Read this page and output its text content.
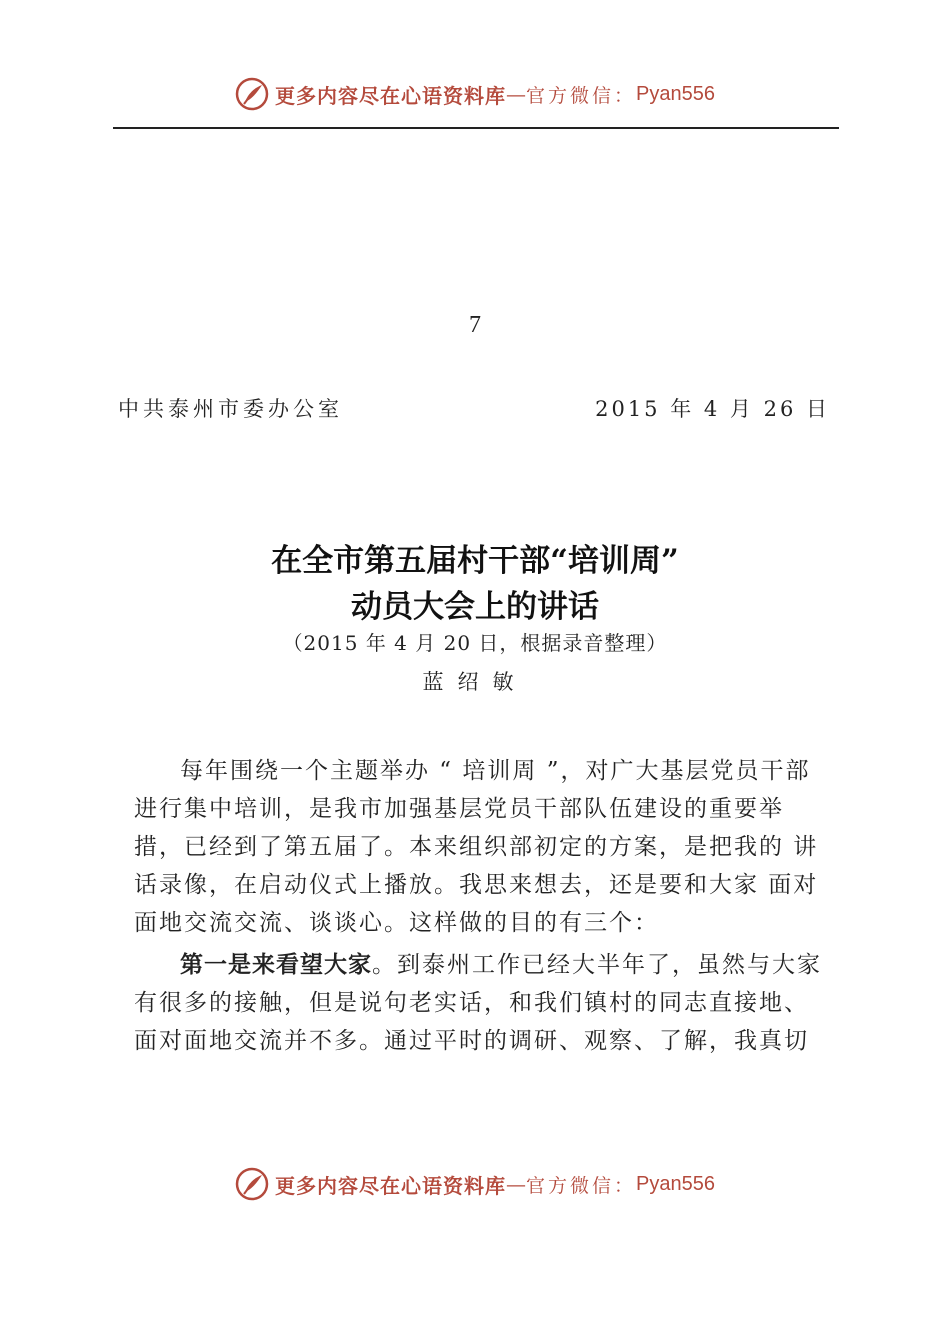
更多内容尽在心语资料库 — 官方微信： Pyan556
7
中共泰州市委办公室	2015 年 4 月 26 日
在全市第五届村干部“培训周”
动员大会上的讲话
（2015 年 4 月 20 日，根据录音整理）
蓝绍敏

每年围绕一个主题举办 “ 培训周 ”，对广大基层党员干部 进行集中培训，是我市加强基层党员干部队伍建设的重要举 措，已经到了第五届了。本来组织部初定的方案，是把我的 讲话录像，在启动仪式上播放。我思来想去，还是要和大家 面对面地交流交流、谈谈心。这样做的目的有三个：

第一是来看望大家。到泰州工作已经大半年了，虽然与大家有很多的接触，但是说句老实话，和我们镇村的同志直接地、 面对面地交流并不多。通过平时的调研、观察、了解，我真切

更多内容尽在心语资料库 — 官方微信： Pyan556
